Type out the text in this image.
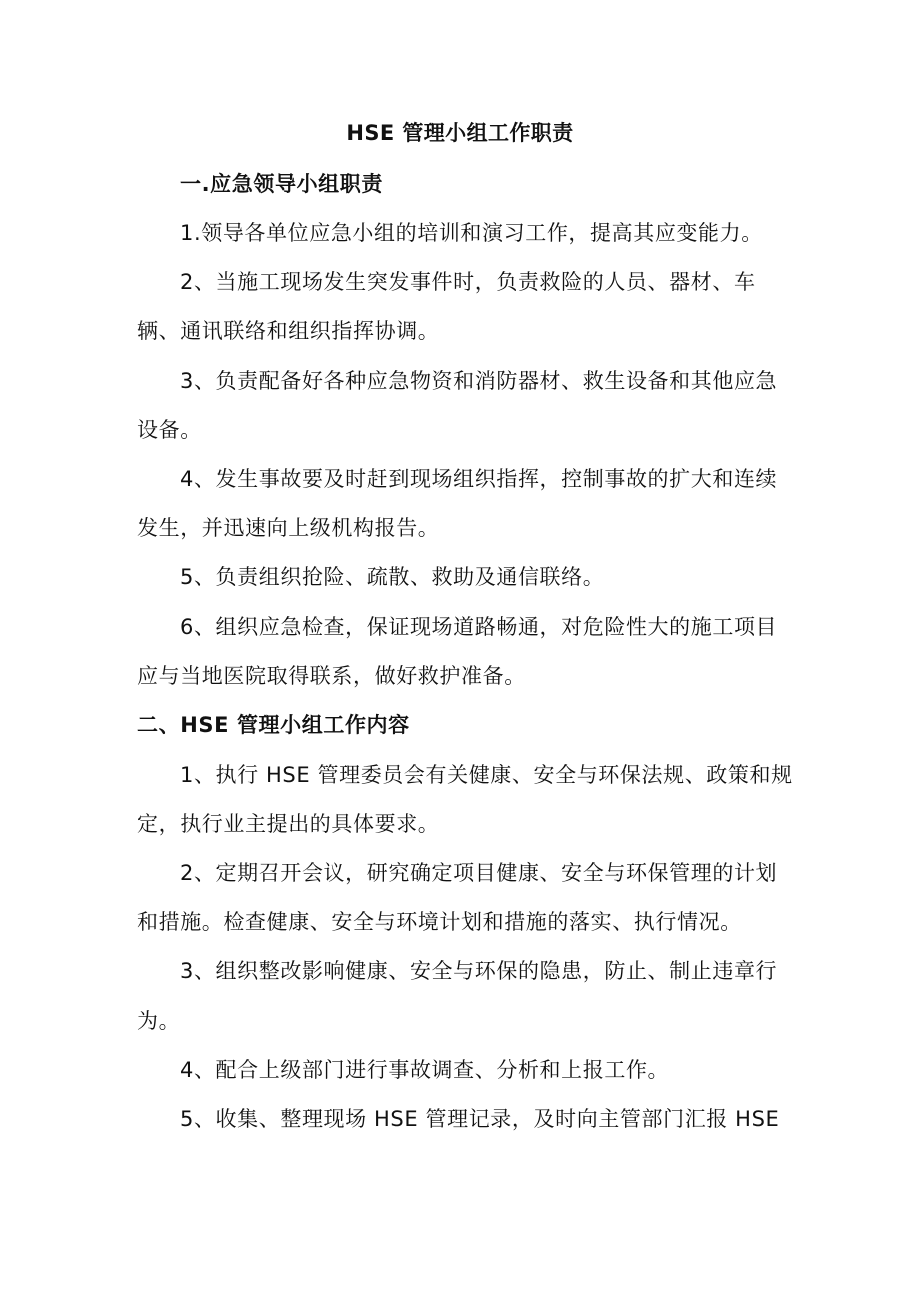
HSE 管理小组工作职责
一.应急领导小组职责
1.领导各单位应急小组的培训和演习工作，提高其应变能力。
2、当施工现场发生突发事件时，负责救险的人员、器材、车
辆、通讯联络和组织指挥协调。
3、负责配备好各种应急物资和消防器材、救生设备和其他应急
设备。
4、发生事故要及时赶到现场组织指挥，控制事故的扩大和连续
发生，并迅速向上级机构报告。
5、负责组织抢险、疏散、救助及通信联络。
6、组织应急检查，保证现场道路畅通，对危险性大的施工项目
应与当地医院取得联系，做好救护准备。
二、HSE 管理小组工作内容
1、执行 HSE 管理委员会有关健康、安全与环保法规、政策和规
定，执行业主提出的具体要求。
2、定期召开会议，研究确定项目健康、安全与环保管理的计划
和措施。检查健康、安全与环境计划和措施的落实、执行情况。
3、组织整改影响健康、安全与环保的隐患，防止、制止违章行
为。
4、配合上级部门进行事故调查、分析和上报工作。
5、收集、整理现场 HSE 管理记录，及时向主管部门汇报 HSE
